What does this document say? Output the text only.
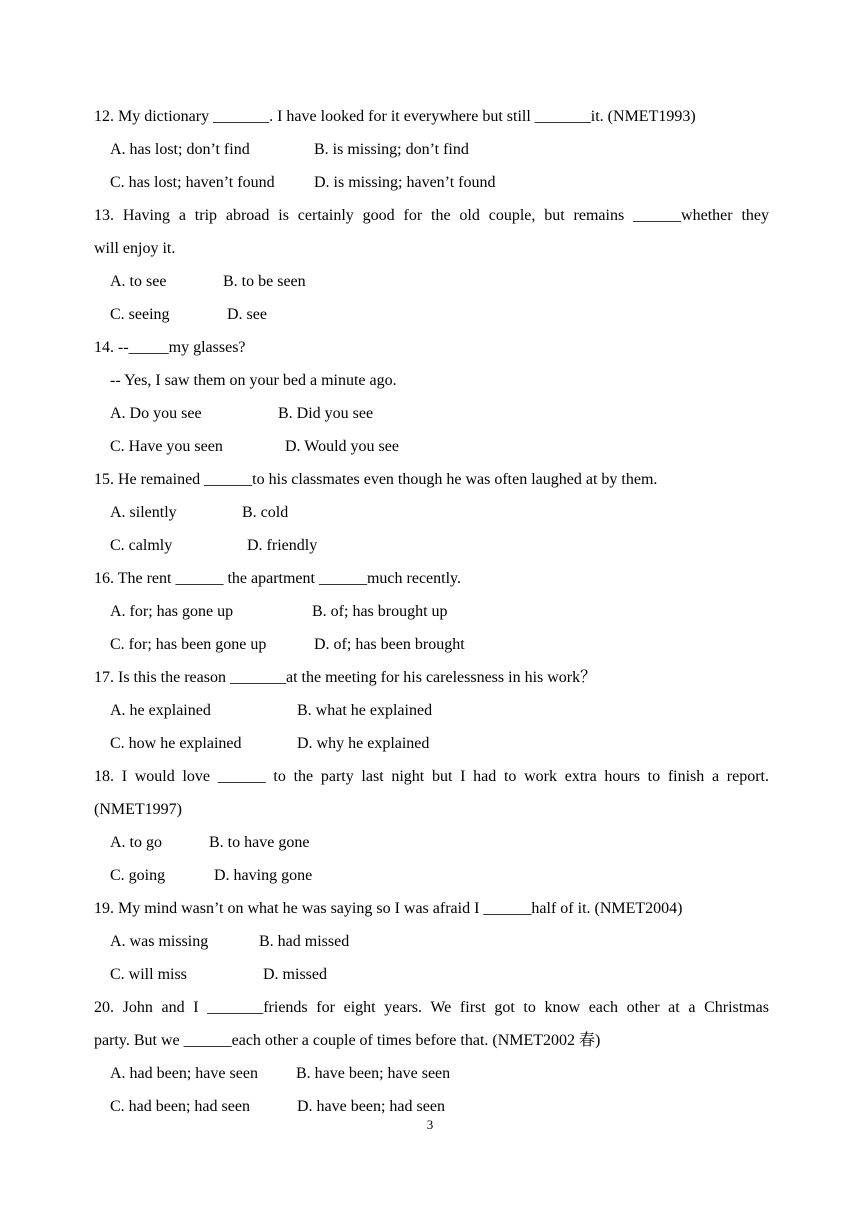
12. My dictionary _______. I have looked for it everywhere but still _______it. (NMET1993)
A. has lost; don’t find	B. is missing; don’t find
C. has lost; haven’t found D. is missing; haven’t found
13. Having a trip abroad is certainly good for the old couple, but remains ______whether they
will enjoy it.
A. to see	B. to be seen
C. seeing	D. see
14. --_____my glasses?
-- Yes, I saw them on your bed a minute ago.
A. Do you see	B. Did you see
C. Have you seen	D. Would you see
15. He remained ______to his classmates even though he was often laughed at by them.
A. silently	B. cold
C. calmly	D. friendly
16. The rent ______ the apartment ______much recently.
A. for; has gone up	B. of; has brought up
C. for; has been gone up	D. of; has been brought
17. Is this the reason _______at the meeting for his carelessness in his work？
A. he explained	B. what he explained
C. how he explained	D. why he explained
18. I would love ______ to the party last night but I had to work extra hours to finish a report.
(NMET1997)
A. to go	B. to have gone
C. going	D. having gone
19. My mind wasn’t on what he was saying so I was afraid I ______half of it. (NMET2004)
A. was missing	B. had missed
C. will miss	D. missed
20. John and I _______friends for eight years. We first got to know each other at a Christmas
party. But we ______each other a couple of times before that. (NMET2002 春)
A. had been; have seen B. have been; have seen
C. had been; had seen	D. have been; had seen
3
